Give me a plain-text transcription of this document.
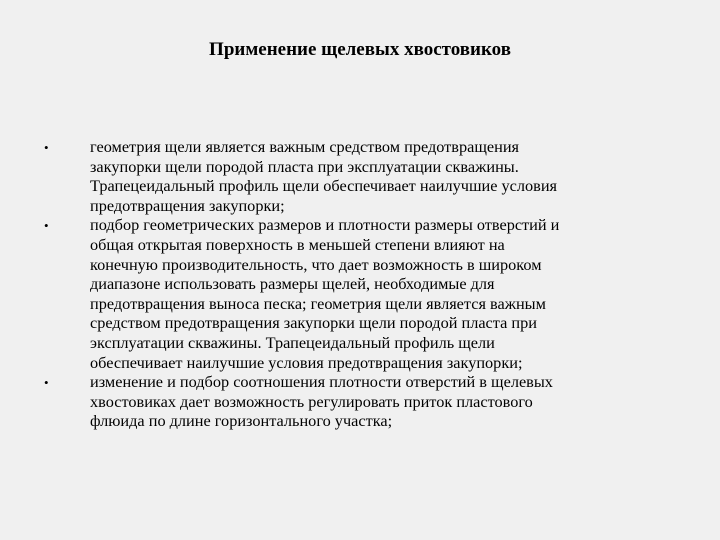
Применение щелевых хвостовиков
•	геометрия щели является важным средством предотвращения
закупорки щели породой пласта при эксплуатации скважины.
Трапецеидальный профиль щели обеспечивает наилучшие условия
предотвращения закупорки;
•	подбор геометрических размеров и плотности размеры отверстий и
общая открытая поверхность в меньшей степени влияют на
конечную производительность, что дает возможность в широком
диапазоне использовать размеры щелей, необходимые для
предотвращения выноса песка; геометрия щели является важным
средством предотвращения закупорки щели породой пласта при
эксплуатации скважины. Трапецеидальный профиль щели
обеспечивает наилучшие условия предотвращения закупорки;
•	изменение и подбор соотношения плотности отверстий в щелевых
хвостовиках дает возможность регулировать приток пластового
флюида по длине горизонтального участка;
